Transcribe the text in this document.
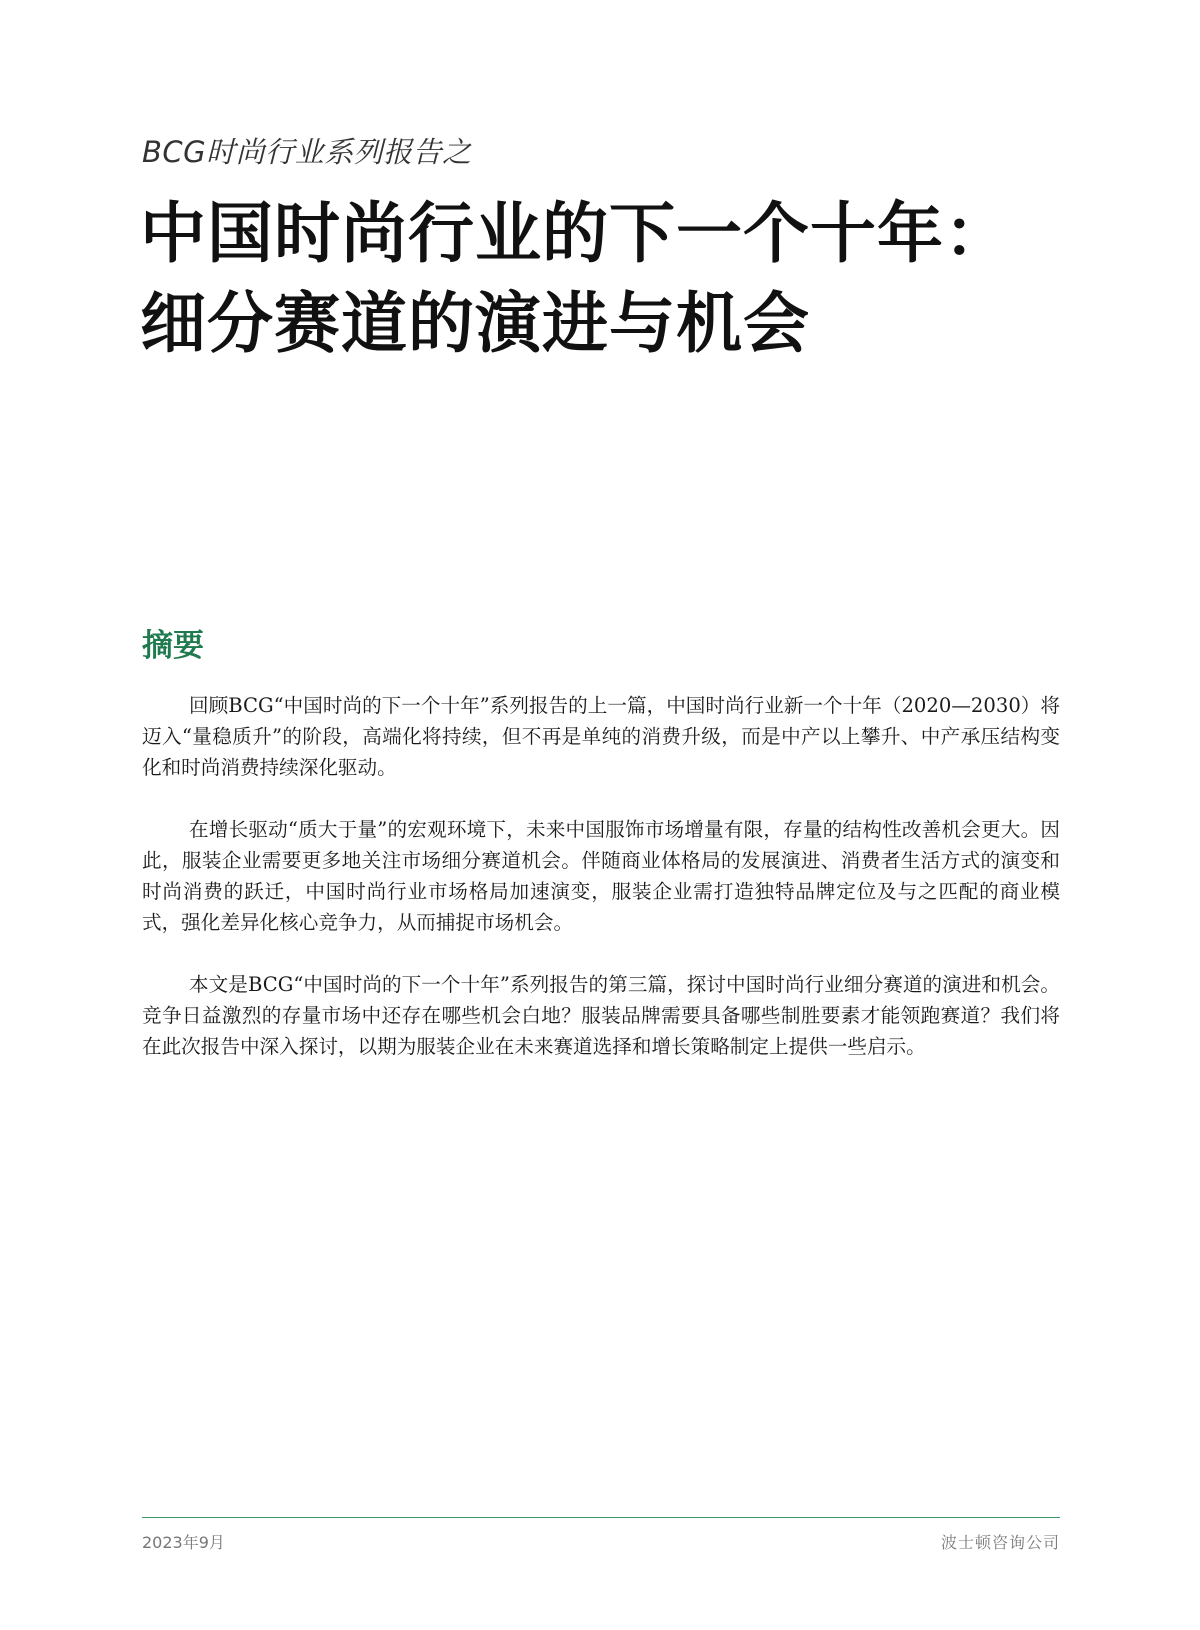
BCG时尚行业系列报告之
中国时尚行业的下一个十年：
细分赛道的演进与机会
摘要

回顾BCG“中国时尚的下一个十年”系列报告的上一篇，中国时尚行业新一个十年（2020—2030）将迈入“量稳质升”的阶段，高端化将持续，但不再是单纯的消费升级，而是中产以上攀升、中产承压结构变化和时尚消费持续深化驱动。

在增长驱动“质大于量”的宏观环境下，未来中国服饰市场增量有限，存量的结构性改善机会更大。因此，服装企业需要更多地关注市场细分赛道机会。伴随商业体格局的发展演进、消费者生活方式的演变和时尚消费的跃迁，中国时尚行业市场格局加速演变，服装企业需打造独特品牌定位及与之匹配的商业模式，强化差异化核心竞争力，从而捕捉市场机会。

本文是BCG“中国时尚的下一个十年”系列报告的第三篇，探讨中国时尚行业细分赛道的演进和机会。竞争日益激烈的存量市场中还存在哪些机会白地？服装品牌需要具备哪些制胜要素才能领跑赛道？我们将在此次报告中深入探讨，以期为服装企业在未来赛道选择和增长策略制定上提供一些启示。

2023年9月	波士顿咨询公司
